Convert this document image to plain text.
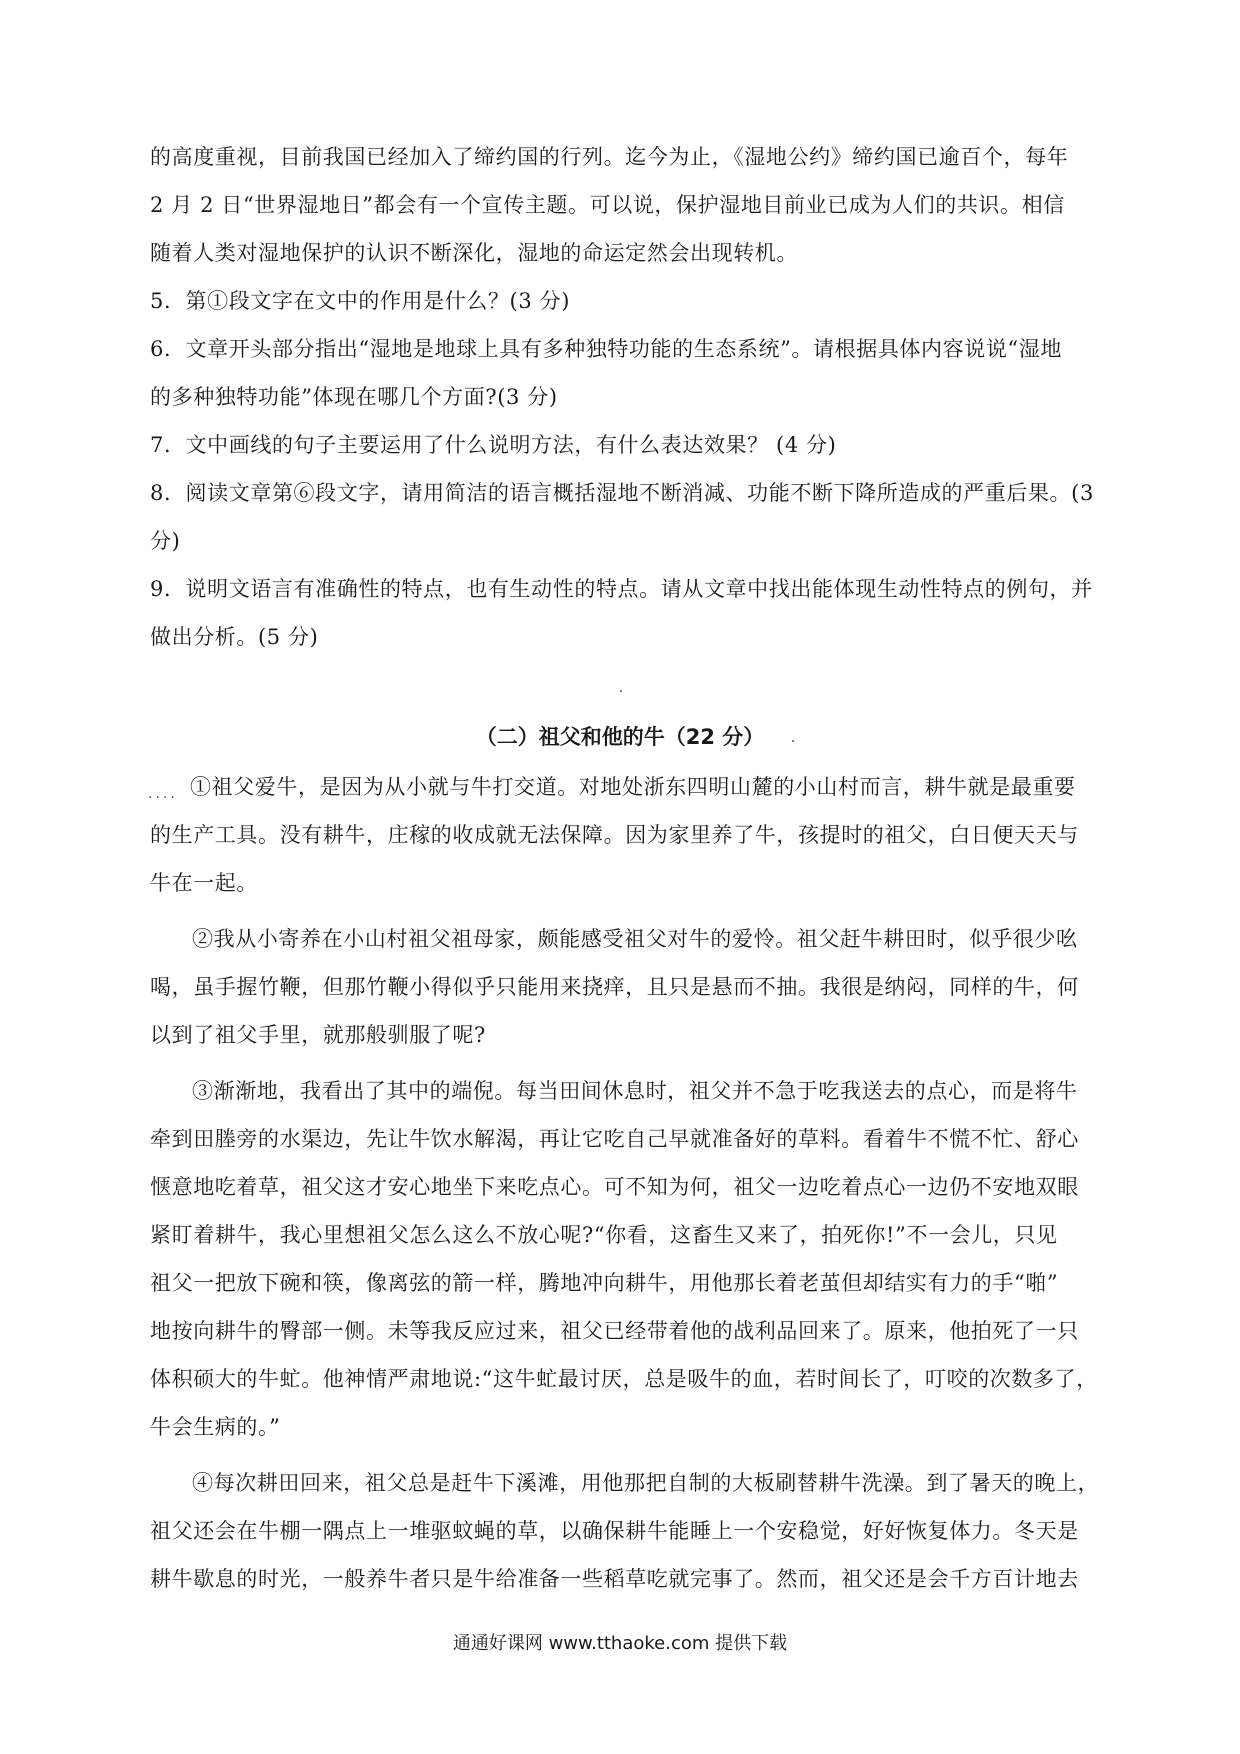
的高度重视，目前我国已经加入了缔约国的行列。迄今为止，《湿地公约》缔约国已逾百个，每年
2 月 2 日“世界湿地日”都会有一个宣传主题。可以说，保护湿地目前业已成为人们的共识。相信
随着人类对湿地保护的认识不断深化，湿地的命运定然会出现转机。
5．第①段文字在文中的作用是什么？(3 分)
6．文章开头部分指出“湿地是地球上具有多种独特功能的生态系统”。请根据具体内容说说“湿地
的多种独特功能”体现在哪几个方面?(3 分)
7．文中画线的句子主要运用了什么说明方法，有什么表达效果？ (4 分)
8．阅读文章第⑥段文字，请用简洁的语言概括湿地不断消减、功能不断下降所造成的严重后果。(3
分)
9．说明文语言有准确性的特点，也有生动性的特点。请从文章中找出能体现生动性特点的例句，并
做出分析。(5 分)
（二）祖父和他的牛（22 分）
.... ①祖父爱牛，是因为从小就与牛打交道。对地处浙东四明山麓的小山村而言，耕牛就是最重要
的生产工具。没有耕牛，庄稼的收成就无法保障。因为家里养了牛，孩提时的祖父，白日便天天与
牛在一起。
②我从小寄养在小山村祖父祖母家，颇能感受祖父对牛的爱怜。祖父赶牛耕田时，似乎很少吆
喝，虽手握竹鞭，但那竹鞭小得似乎只能用来挠痒，且只是悬而不抽。我很是纳闷，同样的牛，何
以到了祖父手里，就那般驯服了呢?
③渐渐地，我看出了其中的端倪。每当田间休息时，祖父并不急于吃我送去的点心，而是将牛
牵到田塍旁的水渠边，先让牛饮水解渴，再让它吃自己早就准备好的草料。看着牛不慌不忙、舒心
惬意地吃着草，祖父这才安心地坐下来吃点心。可不知为何，祖父一边吃着点心一边仍不安地双眼
紧盯着耕牛，我心里想祖父怎么这么不放心呢?“你看，这畜生又来了，拍死你!”不一会儿，只见
祖父一把放下碗和筷，像离弦的箭一样，腾地冲向耕牛，用他那长着老茧但却结实有力的手“啪”
地按向耕牛的臀部一侧。未等我反应过来，祖父已经带着他的战利品回来了。原来，他拍死了一只
体积硕大的牛虻。他神情严肃地说:“这牛虻最讨厌，总是吸牛的血，若时间长了，叮咬的次数多了，
牛会生病的。”
④每次耕田回来，祖父总是赶牛下溪滩，用他那把自制的大板刷替耕牛洗澡。到了暑天的晚上，
祖父还会在牛棚一隅点上一堆驱蚊蝇的草，以确保耕牛能睡上一个安稳觉，好好恢复体力。冬天是
耕牛歇息的时光，一般养牛者只是牛给准备一些稻草吃就完事了。然而，祖父还是会千方百计地去
通通好课网 www.tthaoke.com 提供下载
